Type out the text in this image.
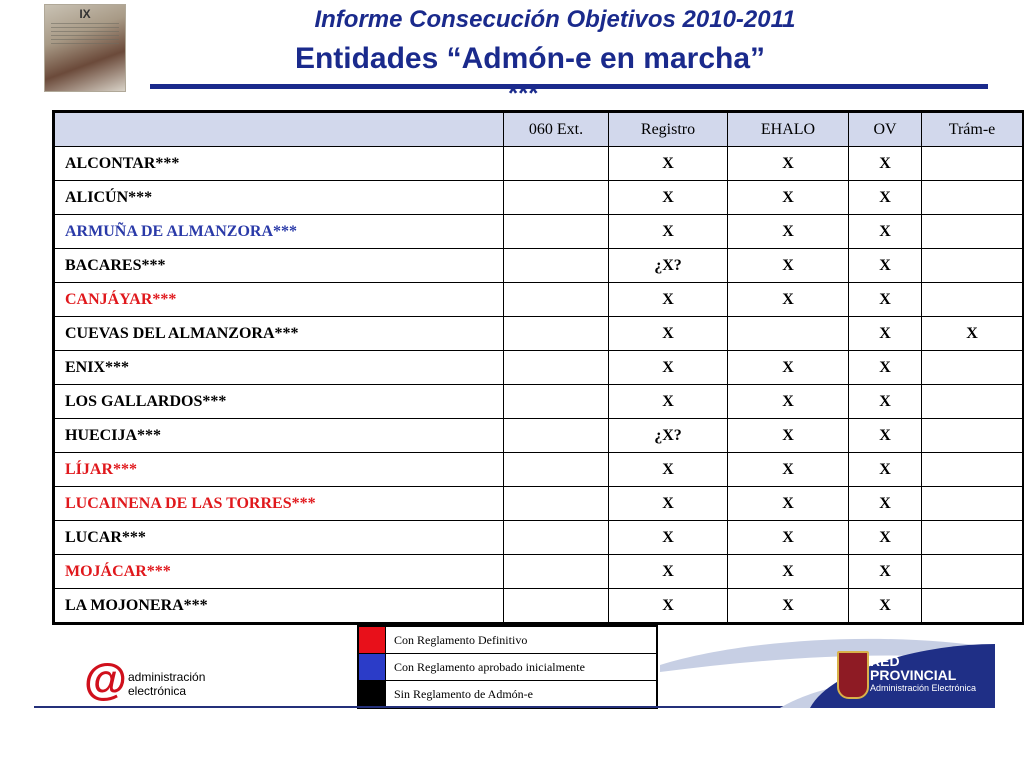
IX	Informe Consecución Objetivos 2010-2011
Entidades “Admón-e en marcha”
***
	060 Ext.	Registro	EHALO	OV	Trám-e
ALCONTAR***		X	X	X	
ALICÚN***		X	X	X	
ARMUÑA DE ALMANZORA***		X	X	X	
BACARES***		¿X?	X	X	
CANJÁYAR***		X	X	X	
CUEVAS DEL ALMANZORA***		X		X	X
ENIX***		X	X	X	
LOS GALLARDOS***		X	X	X	
HUECIJA***		¿X?	X	X	
LÍJAR***		X	X	X	
LUCAINENA DE LAS TORRES***		X	X	X	
LUCAR***		X	X	X	
MOJÁCAR***		X	X	X	
LA MOJONERA***		X	X	X	
	Con Reglamento Definitivo
	Con Reglamento aprobado inicialmente
	Sin Reglamento de Admón-e
@ administración
electrónica
RED
PROVINCIAL
Administración Electrónica
